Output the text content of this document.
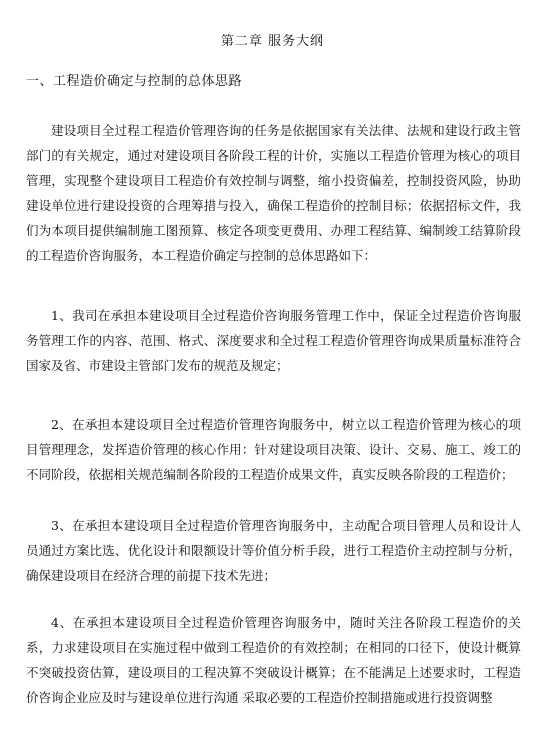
第二章 服务大纲
一、工程造价确定与控制的总体思路

建设项目全过程工程造价管理咨询的任务是依据国家有关法律、法规和建设行政主管部门的有关规定，通过对建设项目各阶段工程的计价，实施以工程造价管理为核心的项目管理，实现整个建设项目工程造价有效控制与调整，缩小投资偏差，控制投资风险，协助建设单位进行建设投资的合理筹措与投入，确保工程造价的控制目标；依据招标文件，我们为本项目提供编制施工图预算、核定各项变更费用、办理工程结算、编制竣工结算阶段的工程造价咨询服务，本工程造价确定与控制的总体思路如下：

1、我司在承担本建设项目全过程造价咨询服务管理工作中，保证全过程造价咨询服务管理工作的内容、范围、格式、深度要求和全过程工程造价管理咨询成果质量标准符合国家及省、市建设主管部门发布的规范及规定；

2、在承担本建设项目全过程造价管理咨询服务中，树立以工程造价管理为核心的项目管理理念，发挥造价管理的核心作用：针对建设项目决策、设计、交易、施工、竣工的不同阶段，依据相关规范编制各阶段的工程造价成果文件，真实反映各阶段的工程造价；

3、在承担本建设项目全过程造价管理咨询服务中，主动配合项目管理人员和设计人员通过方案比选、优化设计和限额设计等价值分析手段，进行工程造价主动控制与分析，确保建设项目在经济合理的前提下技术先进；

4、在承担本建设项目全过程造价管理咨询服务中，随时关注各阶段工程造价的关系，力求建设项目在实施过程中做到工程造价的有效控制；在相同的口径下，使设计概算不突破投资估算，建设项目的工程决算不突破设计概算；在不能满足上述要求时，工程造价咨询企业应及时与建设单位进行沟通 采取必要的工程造价控制措施或进行投资调整
